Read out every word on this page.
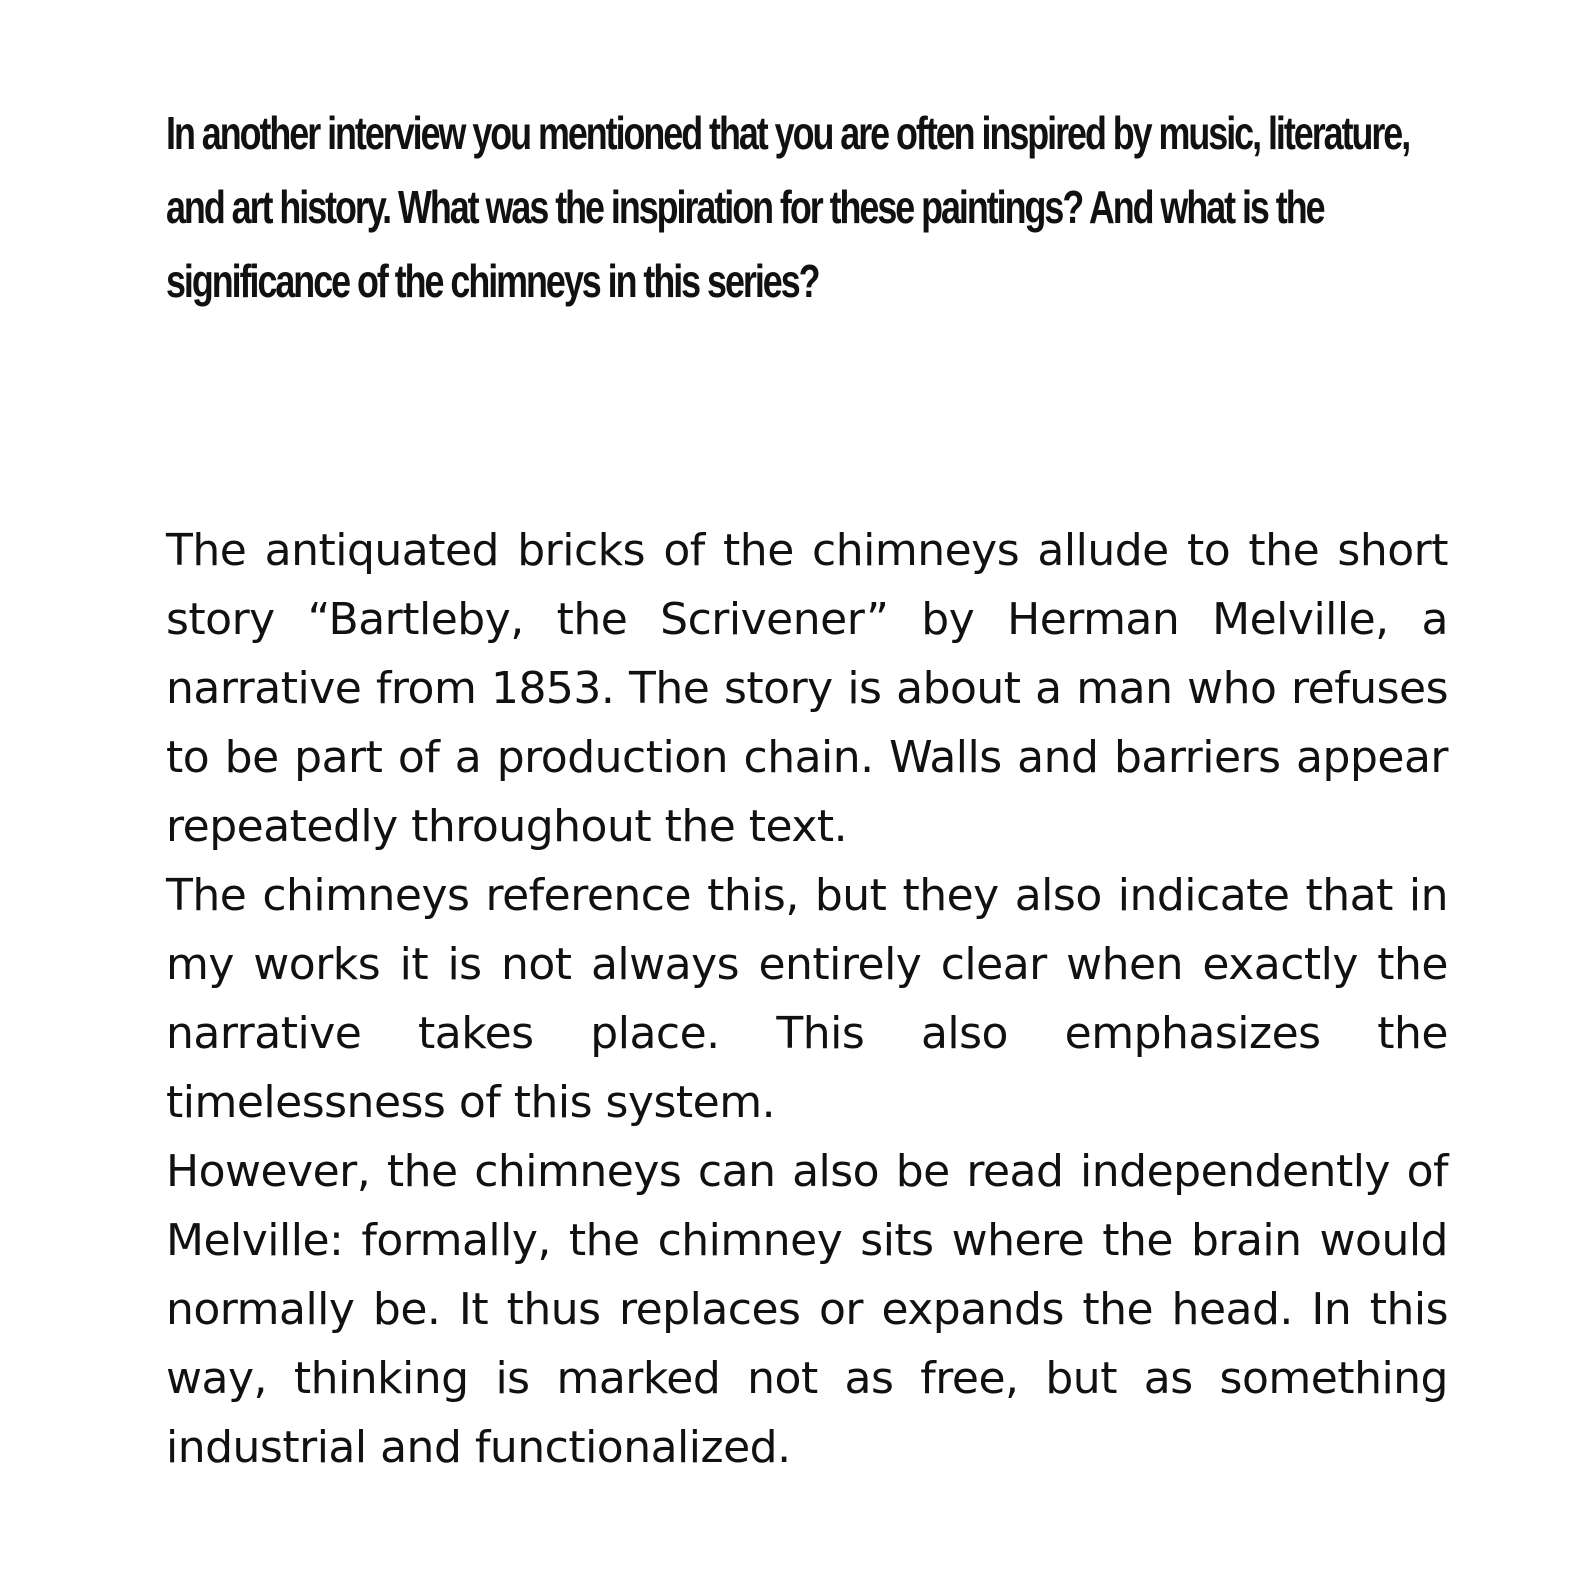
In another interview you mentioned that you are often inspired by music, literature, and art history. What was the inspiration for these paintings? And what is the significance of the chimneys in this series?

The antiquated bricks of the chimneys allude to the short story “Bartleby, the Scrivener” by Herman Melville, a narrative from 1853. The story is about a man who refuses to be part of a production chain. Walls and barriers appear repeatedly throughout the text.

The chimneys reference this, but they also indicate that in my works it is not always entirely clear when exactly the narrative takes place. This also emphasizes the timelessness of this system.

However, the chimneys can also be read independently of Melville: formally, the chimney sits where the brain would normally be. It thus replaces or expands the head. In this way, thinking is marked not as free, but as something industrial and functionalized.
